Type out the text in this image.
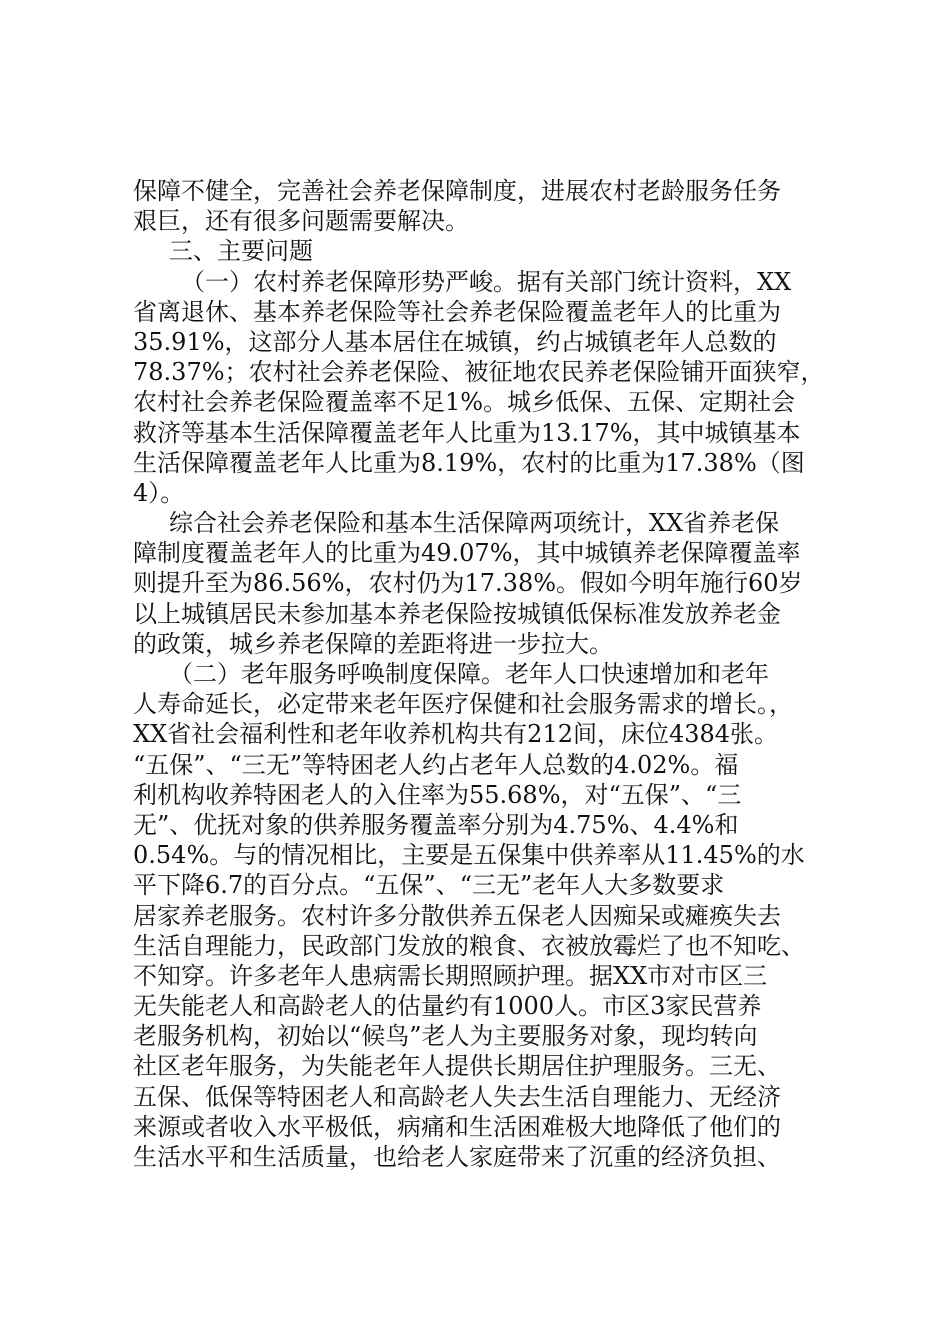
保障不健全，完善社会养老保障制度，进展农村老龄服务任务
艰巨，还有很多问题需要解决。
三、主要问题
（一）农村养老保障形势严峻。据有关部门统计资料，XX
省离退休、基本养老保险等社会养老保险覆盖老年人的比重为
35.91%，这部分人基本居住在城镇，约占城镇老年人总数的
78.37%；农村社会养老保险、被征地农民养老保险铺开面狭窄，
农村社会养老保险覆盖率不足1%。城乡低保、五保、定期社会
救济等基本生活保障覆盖老年人比重为13.17%，其中城镇基本
生活保障覆盖老年人比重为8.19%，农村的比重为17.38%（图
4）。
综合社会养老保险和基本生活保障两项统计，XX省养老保
障制度覆盖老年人的比重为49.07%，其中城镇养老保障覆盖率
则提升至为86.56%，农村仍为17.38%。假如今明年施行60岁
以上城镇居民未参加基本养老保险按城镇低保标准发放养老金
的政策，城乡养老保障的差距将进一步拉大。
（二）老年服务呼唤制度保障。老年人口快速增加和老年
人寿命延长，必定带来老年医疗保健和社会服务需求的增长。，
XX省社会福利性和老年收养机构共有212间，床位4384张。
“五保”、“三无”等特困老人约占老年人总数的4.02%。福
利机构收养特困老人的入住率为55.68%，对“五保”、“三
无”、优抚对象的供养服务覆盖率分别为4.75%、4.4%和
0.54%。与的情况相比，主要是五保集中供养率从11.45%的水
平下降6.7的百分点。“五保”、“三无”老年人大多数要求
居家养老服务。农村许多分散供养五保老人因痴呆或瘫痪失去
生活自理能力，民政部门发放的粮食、衣被放霉烂了也不知吃、
不知穿。许多老年人患病需长期照顾护理。据XX市对市区三
无失能老人和高龄老人的估量约有1000人。市区3家民营养
老服务机构，初始以“候鸟”老人为主要服务对象，现均转向
社区老年服务，为失能老年人提供长期居住护理服务。三无、
五保、低保等特困老人和高龄老人失去生活自理能力、无经济
来源或者收入水平极低，病痛和生活困难极大地降低了他们的
生活水平和生活质量，也给老人家庭带来了沉重的经济负担、
